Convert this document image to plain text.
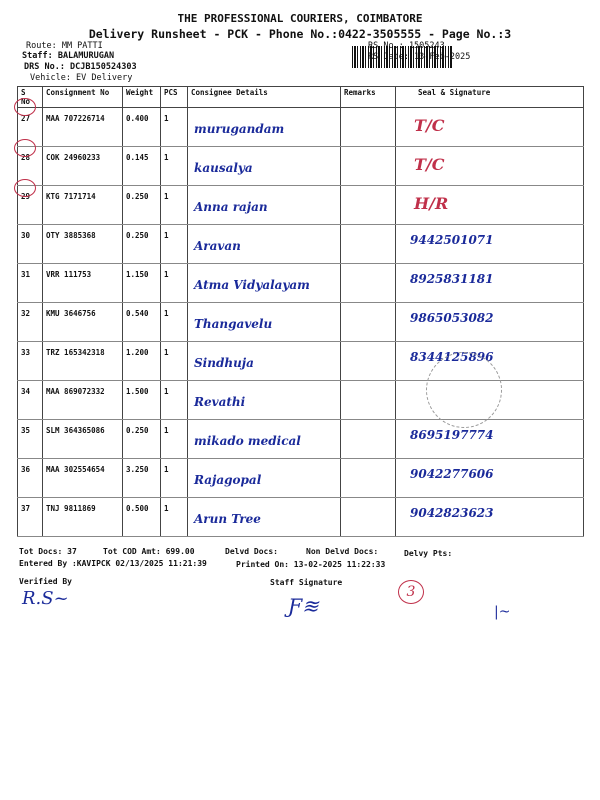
THE PROFESSIONAL COURIERS, COIMBATORE
Delivery Runsheet - PCK - Phone No.:0422-3505555 - Page No.:3
Route: MM PATTI
Staff: BALAMURUGAN
DRS No.: DCJB150524303
Vehicle: EV Delivery
RS No.: 1505243
RS Date: 13-Feb-2025
S No	Consignment No	Weight	PCS	Consignee Details	Remarks	Seal & Signature
27	MAA 707226714	0.400	1	murugandam		T/C

28	COK 24960233	0.145	1	kausalya		T/C

29	KTG 7171714	0.250	1	Anna rajan		H/R

30	OTY 3885368	0.250	1	Aravan		9442501071

31	VRR 111753	1.150	1	Atma Vidyalayam		8925831181

32	KMU 3646756	0.540	1	Thangavelu		9865053082

33	TRZ 165342318	1.200	1	Sindhuja		8344125896

34	MAA 869072332	1.500	1	Revathi		

35	SLM 364365086	0.250	1	mikado medical		8695197774

36	MAA 302554654	3.250	1	Rajagopal		9042277606

37	TNJ 9811869	0.500	1	Arun Tree		9042823623
Tot Docs: 37	Tot COD Amt: 699.00	Delvd Docs:	Non Delvd Docs:	Delvy Pts:
Entered By :KAVIPCK 02/13/2025 11:21:39	Printed On: 13-02-2025 11:22:33
Verified By	Staff Signature
R.S~	Ƒ≋
3
|~
